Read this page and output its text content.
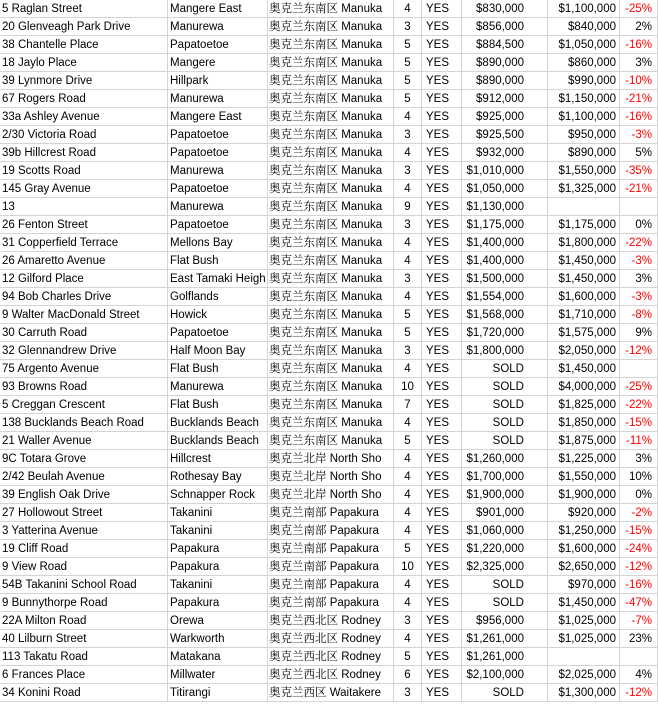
5 Raglan Street	Mangere East	奥克兰东南区 Manuka	4	YES	$830,000	$1,100,000 -25%
20 Glenveagh Park Drive	Manurewa	奥克兰东南区 Manuka	3	YES	$856,000	$840,000	2%
38 Chantelle Place	Papatoetoe	奥克兰东南区 Manuka	5	YES	$884,500	$1,050,000 -16%
18 Jaylo Place	Mangere	奥克兰东南区 Manuka	5	YES	$890,000	$860,000	3%
39 Lynmore Drive	Hillpark	奥克兰东南区 Manuka	5	YES	$890,000	$990,000 -10%
67 Rogers Road	Manurewa	奥克兰东南区 Manuka	5	YES	$912,000	$1,150,000 -21%
33a Ashley Avenue	Mangere East	奥克兰东南区 Manuka	4	YES	$925,000	$1,100,000 -16%
2/30 Victoria Road	Papatoetoe	奥克兰东南区 Manuka	3	YES	$925,500	$950,000	-3%
39b Hillcrest Road	Papatoetoe	奥克兰东南区 Manuka	4	YES	$932,000	$890,000	5%
19 Scotts Road	Manurewa	奥克兰东南区 Manuka	3	YES	$1,010,000	$1,550,000 -35%
145 Gray Avenue	Papatoetoe	奥克兰东南区 Manuka	4	YES	$1,050,000	$1,325,000 -21%
13	Manurewa	奥克兰东南区 Manuka	9	YES	$1,130,000
26 Fenton Street	Papatoetoe	奥克兰东南区 Manuka	3	YES	$1,175,000	$1,175,000	0%
31 Copperfield Terrace	Mellons Bay	奥克兰东南区 Manuka	4	YES	$1,400,000	$1,800,000 -22%
26 Amaretto Avenue	Flat Bush	奥克兰东南区 Manuka	4	YES	$1,400,000	$1,450,000	-3%
12 Gilford Place	East Tamaki Heigh 奥克兰东南区 Manuka	3	YES	$1,500,000	$1,450,000	3%
94 Bob Charles Drive	Golflands	奥克兰东南区 Manuka	4	YES	$1,554,000	$1,600,000	-3%
9 Walter MacDonald Street	Howick	奥克兰东南区 Manuka	5	YES	$1,568,000	$1,710,000	-8%
30 Carruth Road	Papatoetoe	奥克兰东南区 Manuka	5	YES	$1,720,000	$1,575,000	9%
32 Glennandrew Drive	Half Moon Bay	奥克兰东南区 Manuka	3	YES	$1,800,000	$2,050,000 -12%
75 Argento Avenue	Flat Bush	奥克兰东南区 Manuka	4	YES	SOLD	$1,450,000
93 Browns Road	Manurewa	奥克兰东南区 Manuka	10	YES	SOLD	$4,000,000 -25%
5 Creggan Crescent	Flat Bush	奥克兰东南区 Manuka	7	YES	SOLD	$1,825,000 -22%
138 Bucklands Beach Road	Bucklands Beach 奥克兰东南区 Manuka	4	YES	SOLD	$1,850,000 -15%
21 Waller Avenue	Bucklands Beach 奥克兰东南区 Manuka	5	YES	SOLD	$1,875,000 -11%
9C Totara Grove	Hillcrest	奥克兰北岸 North Sho	4	YES	$1,260,000	$1,225,000	3%
2/42 Beulah Avenue	Rothesay Bay	奥克兰北岸 North Sho	4	YES	$1,700,000	$1,550,000	10%
39 English Oak Drive	Schnapper Rock	奥克兰北岸 North Sho	4	YES	$1,900,000	$1,900,000	0%
27 Hollowout Street	Takanini	奥克兰南部 Papakura	4	YES	$901,000	$920,000	-2%
3 Yatterina Avenue	Takanini	奥克兰南部 Papakura	4	YES	$1,060,000	$1,250,000 -15%
19 Cliff Road	Papakura	奥克兰南部 Papakura	5	YES	$1,220,000	$1,600,000 -24%
9 View Road	Papakura	奥克兰南部 Papakura	10	YES	$2,325,000	$2,650,000 -12%
54B Takanini School Road	Takanini	奥克兰南部 Papakura	4	YES	SOLD	$970,000 -16%
9 Bunnythorpe Road	Papakura	奥克兰南部 Papakura	4	YES	SOLD	$1,450,000 -47%
22A Milton Road	Orewa	奥克兰西北区 Rodney	3	YES	$956,000	$1,025,000	-7%
40 Lilburn Street	Warkworth	奥克兰西北区 Rodney	4	YES	$1,261,000	$1,025,000	23%
113 Takatu Road	Matakana	奥克兰西北区 Rodney	5	YES	$1,261,000
6 Frances Place	Millwater	奥克兰西北区 Rodney	6	YES	$2,100,000	$2,025,000	4%
34 Konini Road	Titirangi	奥克兰西区 Waitakere	3	YES	SOLD	$1,300,000 -12%
